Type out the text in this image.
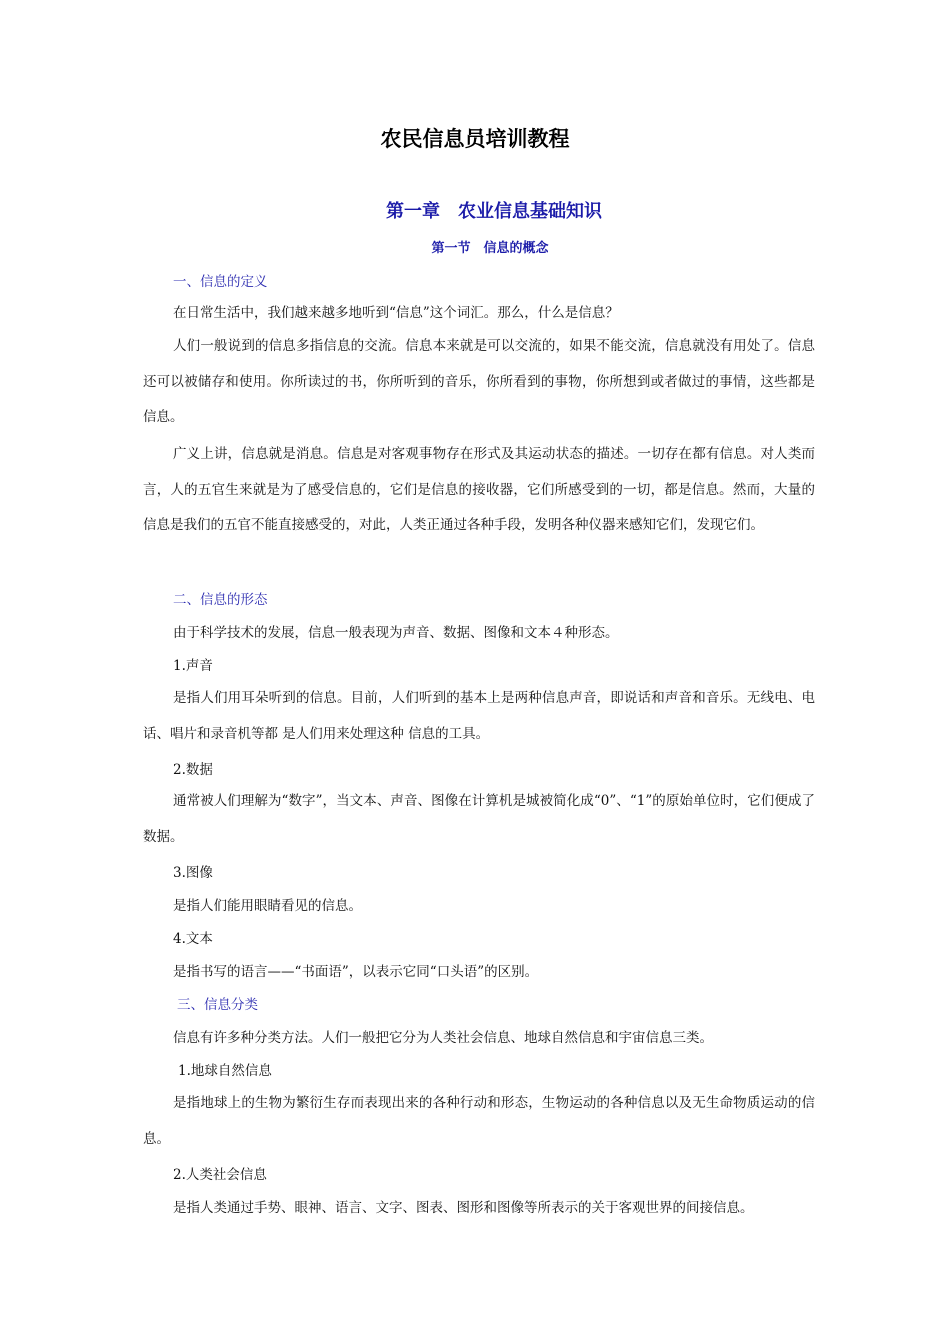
农民信息员培训教程
第一章　农业信息基础知识
第一节　信息的概念
一、信息的定义
在日常生活中，我们越来越多地听到“信息”这个词汇。那么，什么是信息？
人们一般说到的信息多指信息的交流。信息本来就是可以交流的，如果不能交流，信息就没有用处了。信息还可以被储存和使用。你所读过的书，你所听到的音乐，你所看到的事物，你所想到或者做过的事情，这些都是信息。
广义上讲，信息就是消息。信息是对客观事物存在形式及其运动状态的描述。一切存在都有信息。对人类而言，人的五官生来就是为了感受信息的，它们是信息的接收器，它们所感受到的一切，都是信息。然而，大量的信息是我们的五官不能直接感受的，对此，人类正通过各种手段，发明各种仪器来感知它们，发现它们。
二、信息的形态
由于科学技术的发展，信息一般表现为声音、数据、图像和文本４种形态。
1.声音
是指人们用耳朵听到的信息。目前，人们听到的基本上是两种信息声音，即说话和声音和音乐。无线电、电话、唱片和录音机等都 是人们用来处理这种 信息的工具。
2.数据
通常被人们理解为“数字”，当文本、声音、图像在计算机是城被简化成“0”、“1”的原始单位时，它们便成了数据。
3.图像
是指人们能用眼睛看见的信息。
4.文本
是指书写的语言——“书面语”，以表示它同“口头语”的区别。
三、信息分类
信息有许多种分类方法。人们一般把它分为人类社会信息、地球自然信息和宇宙信息三类。
1.地球自然信息
是指地球上的生物为繁衍生存而表现出来的各种行动和形态，生物运动的各种信息以及无生命物质运动的信息。
2.人类社会信息
是指人类通过手势、眼神、语言、文字、图表、图形和图像等所表示的关于客观世界的间接信息。
